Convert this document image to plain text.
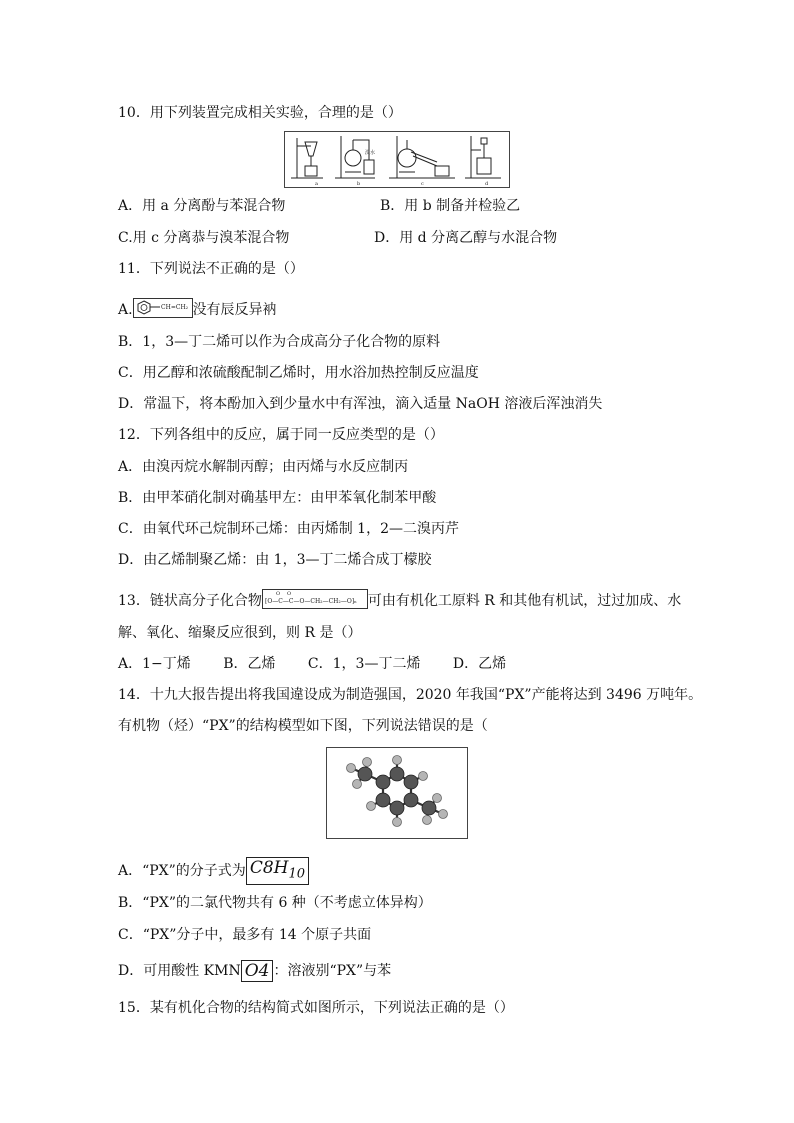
10．用下列装置完成相关实验，合理的是（）
溴水
a	b	c	d
A．用 a 分离酚与苯混合物	B．用 b 制备并检验乙
C.用 c 分离恭与溴苯混合物	D．用 d 分离乙醇与水混合物
11．下列说法不正确的是（）
A.	CH=CH₂ 没有辰反异衲
B．1，3—丁二烯可以作为合成高分子化合物的原料
C．用乙醇和浓硫酸配制乙烯时，用水浴加热控制反应温度
D．常温下，将本酚加入到少量水中有浑浊，滴入适量 NaOH 溶液后浑浊消失
12．下列各组中的反应，属于同一反应类型的是（）
A．由溴丙烷水解制丙醇；由丙烯与水反应制丙
B．由甲苯硝化制对确基甲左：由甲苯氧化制苯甲酸
C．由氧代环己烷制环己烯：由丙烯制 1，2—二溴丙芹
D．由乙烯制聚乙烯：由 1，3—丁二烯合成丁檬胶
13．链状高分子化合物 [O—C—C—O—CH₂—CH₂—O]ₙ
O O	可由有机化工原料 R 和其他有机试，过过加成、水
解、氧化、缩聚反应很到，则 R 是（）
A．1−丁烯　　 B．乙烯　　 C．1，3—丁二烯　　 D．乙烯
14．十九大报告提出将我国違设成为制造强国，2020 年我国“PX”产能将达到 3496 万吨年。
有机物（烃）“PX”的结构模型如下图，下列说法错误的是（
A．“PX”的分子式为 $C8H_{10}$
B．“PX”的二氯代物共有 6 种（不考虑立体异构）
C．“PX”分子中，最多有 14 个原子共面
D．可用酸性 KMN O4 ：溶液别“PX”与苯
15．某有机化合物的结构简式如图所示，下列说法正确的是（）
